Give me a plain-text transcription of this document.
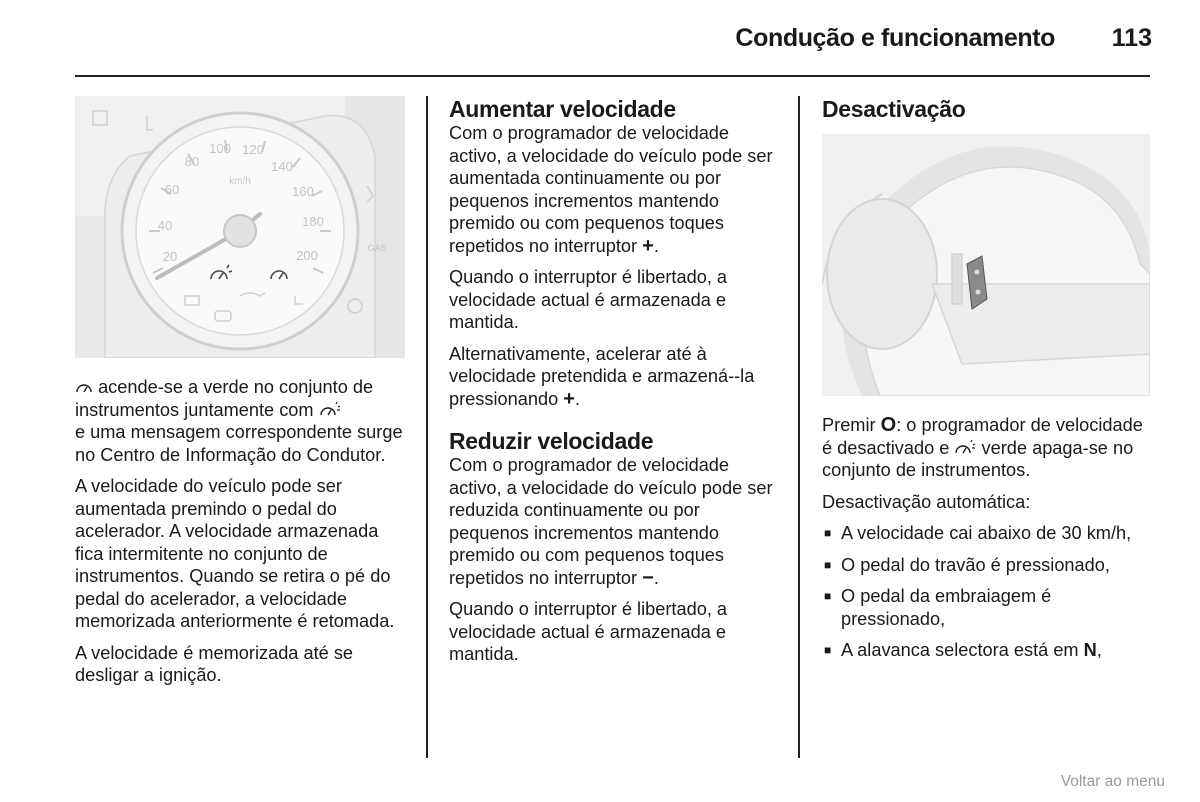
Condução e funcionamento	113
20
40
60
80
100 120
140
160
180
200
km/h
GAS

acende-se a verde no conjunto de instrumentos juntamente com
e uma mensagem correspondente surge no Centro de Informação do Condutor.

A velocidade do veículo pode ser aumentada premindo o pedal do acelerador. A velocidade armazenada fica intermitente no conjunto de instrumentos. Quando se retira o pé do pedal do acelerador, a velocidade memorizada anteriormente é retomada.

A velocidade é memorizada até se desligar a ignição.

Aumentar velocidade

Com o programador de velocidade activo, a velocidade do veículo pode ser aumentada continuamente ou por pequenos incrementos mantendo premido ou com pequenos toques repetidos no interruptor +.

Quando o interruptor é libertado, a velocidade actual é armazenada e mantida.

Alternativamente, acelerar até à velocidade pretendida e armazená--la pressionando +.

Reduzir velocidade

Com o programador de velocidade activo, a velocidade do veículo pode ser reduzida continuamente ou por pequenos incrementos mantendo premido ou com pequenos toques repetidos no interruptor −.

Quando o interruptor é libertado, a velocidade actual é armazenada e mantida.

Desactivação

Premir O: o programador de velocidade é desactivado e verde apaga-se no conjunto de instrumentos.

Desactivação automática:

■ A velocidade cai abaixo de 30 km/h,
■ O pedal do travão é pressionado,
■ O pedal da embraiagem é pressionado,
■ A alavanca selectora está em N,
Voltar ao menu
